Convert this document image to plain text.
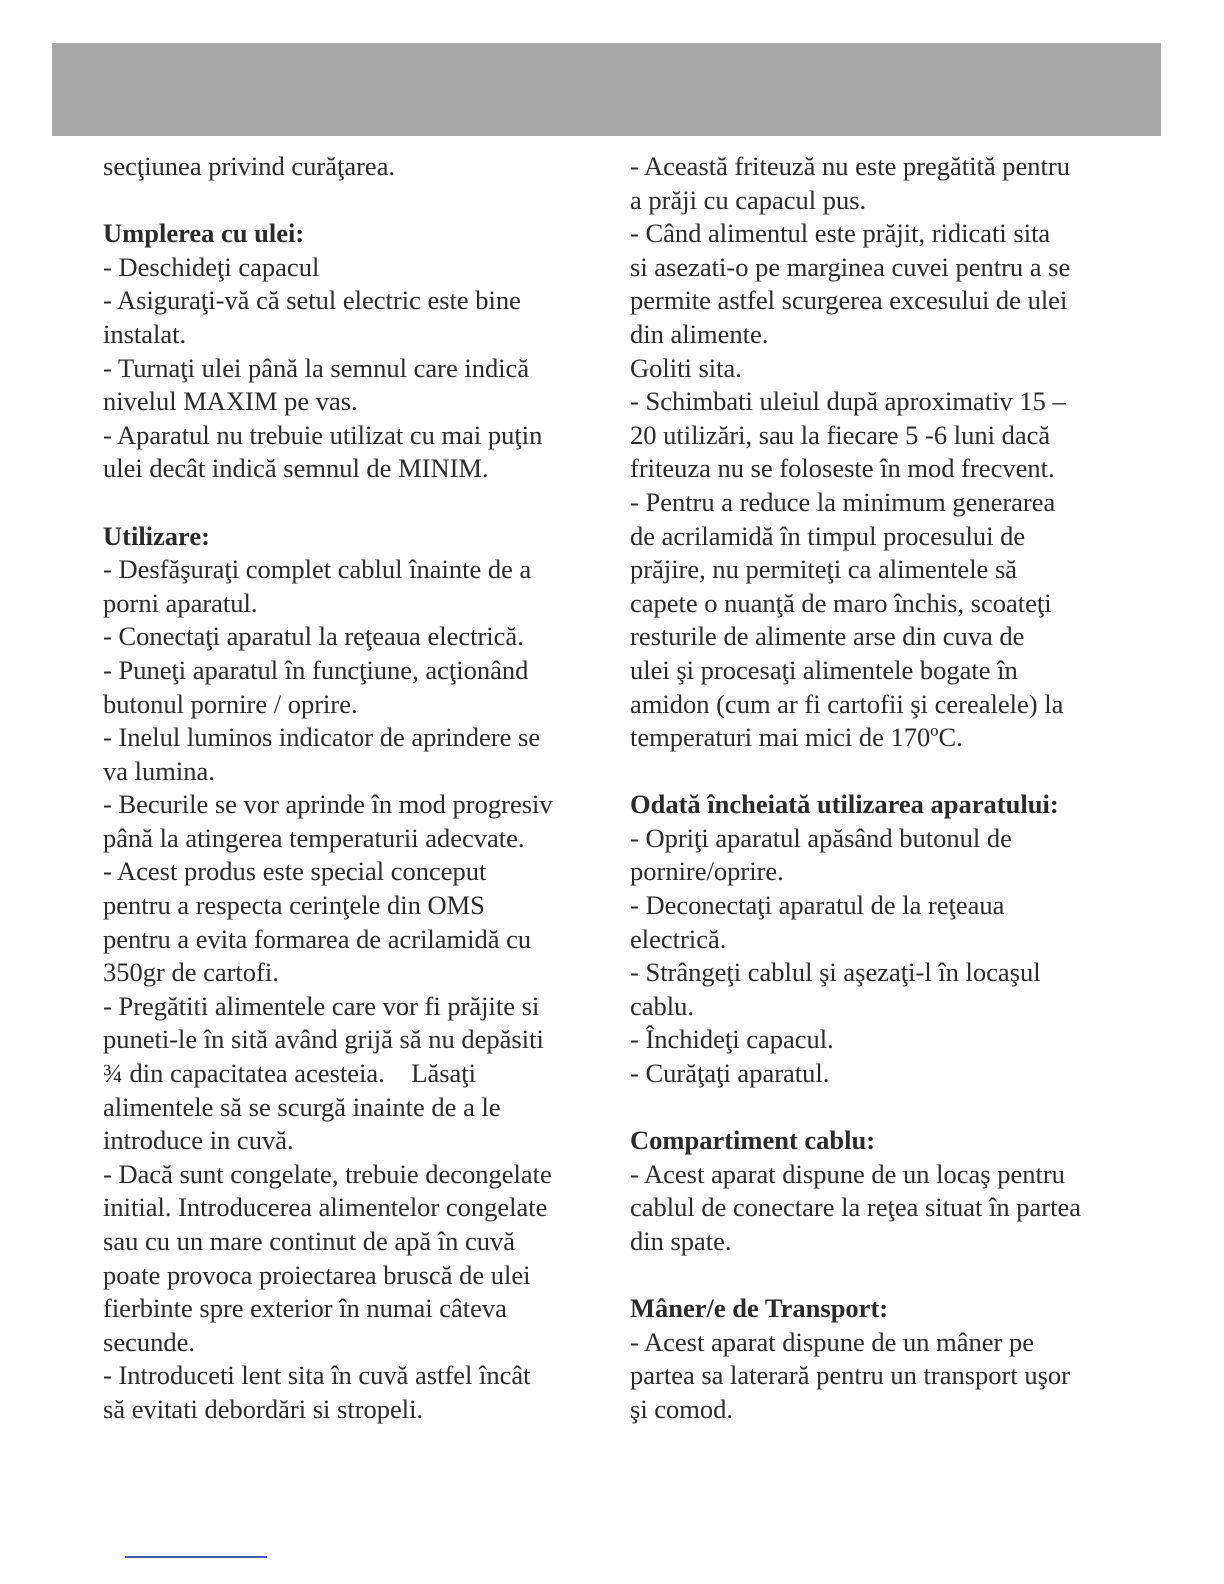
secţiunea privind curăţarea.
Umplerea cu ulei:
- Deschideţi capacul
- Asiguraţi-vă că setul electric este bine
instalat.
- Turnaţi ulei până la semnul care indică
nivelul MAXIM pe vas.
- Aparatul nu trebuie utilizat cu mai puţin
ulei decât indică semnul de MINIM.
Utilizare:
- Desfăşuraţi complet cablul înainte de a
porni aparatul.
- Conectaţi aparatul la reţeaua electrică.
- Puneţi aparatul în funcţiune, acţionând
butonul pornire / oprire.
- Inelul luminos indicator de aprindere se
va lumina.
- Becurile se vor aprinde în mod progresiv
până la atingerea temperaturii adecvate.
- Acest produs este special conceput
pentru a respecta cerinţele din OMS
pentru a evita formarea de acrilamidă cu
350gr de cartofi.
- Pregătiti alimentele care vor fi prăjite si
puneti-le în sită având grijă să nu depăsiti
¾ din capacitatea acesteia.    Lăsaţi
alimentele să se scurgă inainte de a le
introduce in cuvă.
- Dacă sunt congelate, trebuie decongelate
initial. Introducerea alimentelor congelate
sau cu un mare continut de apă în cuvă
poate provoca proiectarea bruscă de ulei
fierbinte spre exterior în numai câteva
secunde.
- Introduceti lent sita în cuvă astfel încât
să evitati debordări si stropeli.
- Această friteuză nu este pregătită pentru
a prăji cu capacul pus.
- Când alimentul este prăjit, ridicati sita
si asezati-o pe marginea cuvei pentru a se
permite astfel scurgerea excesului de ulei
din alimente.
Goliti sita.
- Schimbati uleiul după aproximativ 15 –
20 utilizări, sau la fiecare 5 -6 luni dacă
friteuza nu se foloseste în mod frecvent.
- Pentru a reduce la minimum generarea
de acrilamidă în timpul procesului de
prăjire, nu permiteţi ca alimentele să
capete o nuanţă de maro închis, scoateţi
resturile de alimente arse din cuva de
ulei şi procesaţi alimentele bogate în
amidon (cum ar fi cartofii şi cerealele) la
temperaturi mai mici de 170ºC.
Odată încheiată utilizarea aparatului:
- Opriţi aparatul apăsând butonul de
pornire/oprire.
- Deconectaţi aparatul de la reţeaua
electrică.
- Strângeţi cablul şi aşezaţi-l în locaşul
cablu.
- Închideţi capacul.
- Curăţaţi aparatul.
Compartiment cablu:
- Acest aparat dispune de un locaş pentru
cablul de conectare la reţea situat în partea
din spate.
Mâner/e de Transport:
- Acest aparat dispune de un mâner pe
partea sa laterară pentru un transport uşor
şi comod.
